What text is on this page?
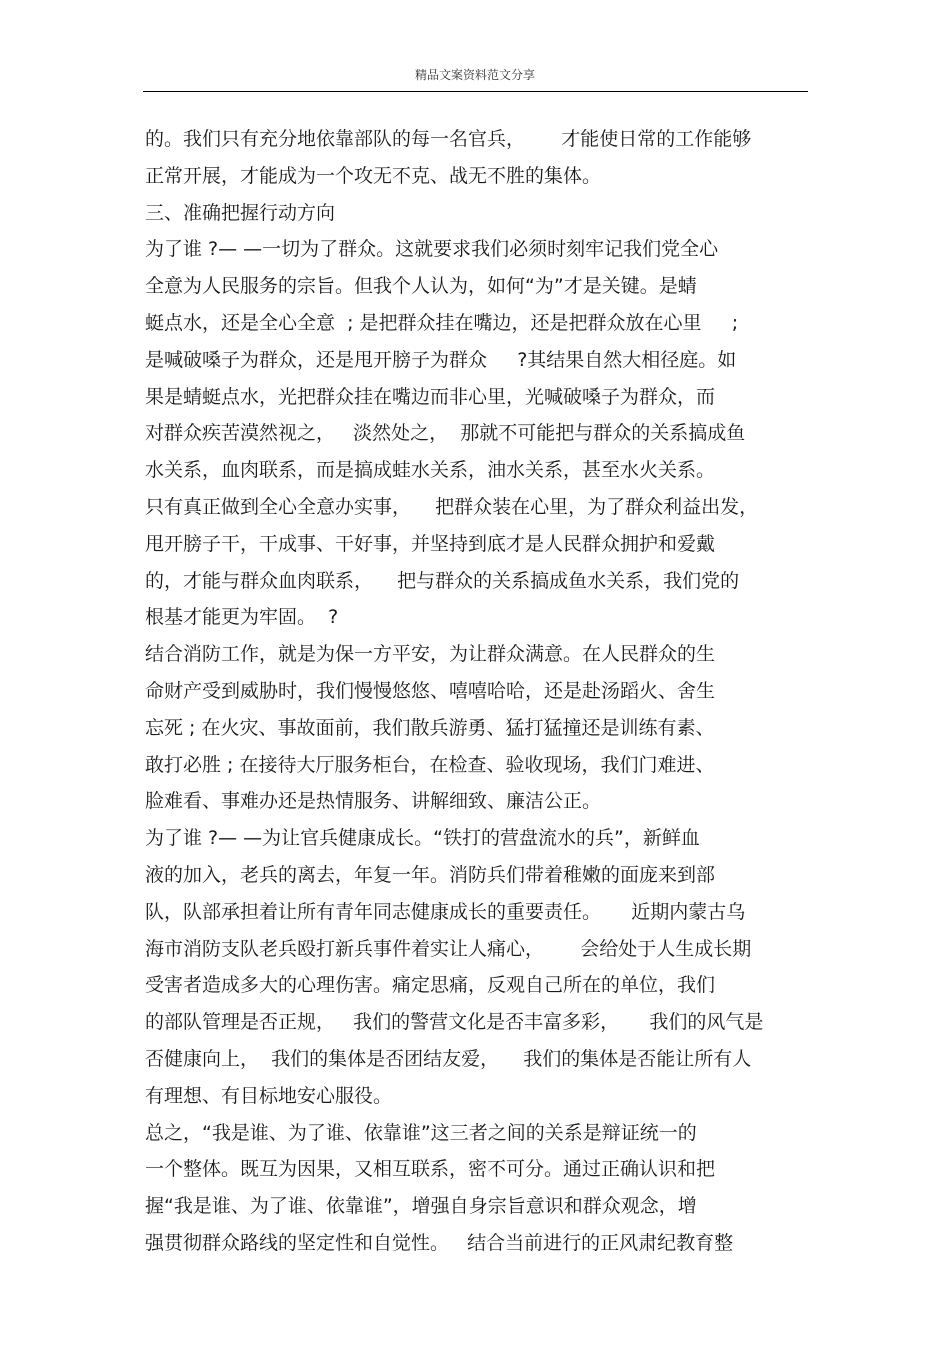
精品文案资料范文分享
的。我们只有充分地依靠部队的每一名官兵，      才能使日常的工作能够
正常开展，才能成为一个攻无不克、战无不胜的集体。
三、准确把握行动方向
为了谁 ?— —一切为了群众。这就要求我们必须时刻牢记我们党全心
全意为人民服务的宗旨。但我个人认为，如何“为”才是关键。是蜻
蜓点水，还是全心全意  ; 是把群众挂在嘴边，还是把群众放在心里     ;
是喊破嗓子为群众，还是甩开膀子为群众     ?其结果自然大相径庭。如
果是蜻蜓点水，光把群众挂在嘴边而非心里，光喊破嗓子为群众，而
对群众疾苦漠然视之，   淡然处之，  那就不可能把与群众的关系搞成鱼
水关系，血肉联系，而是搞成蛙水关系，油水关系，甚至水火关系。
只有真正做到全心全意办实事，    把群众装在心里，为了群众利益出发，
甩开膀子干，干成事、干好事，并坚持到底才是人民群众拥护和爱戴
的，才能与群众血肉联系，    把与群众的关系搞成鱼水关系，我们党的
根基才能更为牢固。  ?
结合消防工作，就是为保一方平安，为让群众满意。在人民群众的生
命财产受到威胁时，我们慢慢悠悠、嘻嘻哈哈，还是赴汤蹈火、舍生
忘死 ; 在火灾、事故面前，我们散兵游勇、猛打猛撞还是训练有素、
敢打必胜 ; 在接待大厅服务柜台，在检查、验收现场，我们门难进、
脸难看、事难办还是热情服务、讲解细致、廉洁公正。
为了谁 ?— —为让官兵健康成长。“铁打的营盘流水的兵”，新鲜血
液的加入，老兵的离去，年复一年。消防兵们带着稚嫩的面庞来到部
队，队部承担着让所有青年同志健康成长的重要责任。     近期内蒙古乌
海市消防支队老兵殴打新兵事件着实让人痛心，      会给处于人生成长期
受害者造成多大的心理伤害。痛定思痛，反观自己所在的单位，我们
的部队管理是否正规，   我们的警营文化是否丰富多彩，     我们的风气是
否健康向上，  我们的集体是否团结友爱，    我们的集体是否能让所有人
有理想、有目标地安心服役。
总之，“我是谁、为了谁、依靠谁”这三者之间的关系是辩证统一的
一个整体。既互为因果，又相互联系，密不可分。通过正确认识和把
握“我是谁、为了谁、依靠谁”，增强自身宗旨意识和群众观念，增
强贯彻群众路线的坚定性和自觉性。   结合当前进行的正风肃纪教育整
